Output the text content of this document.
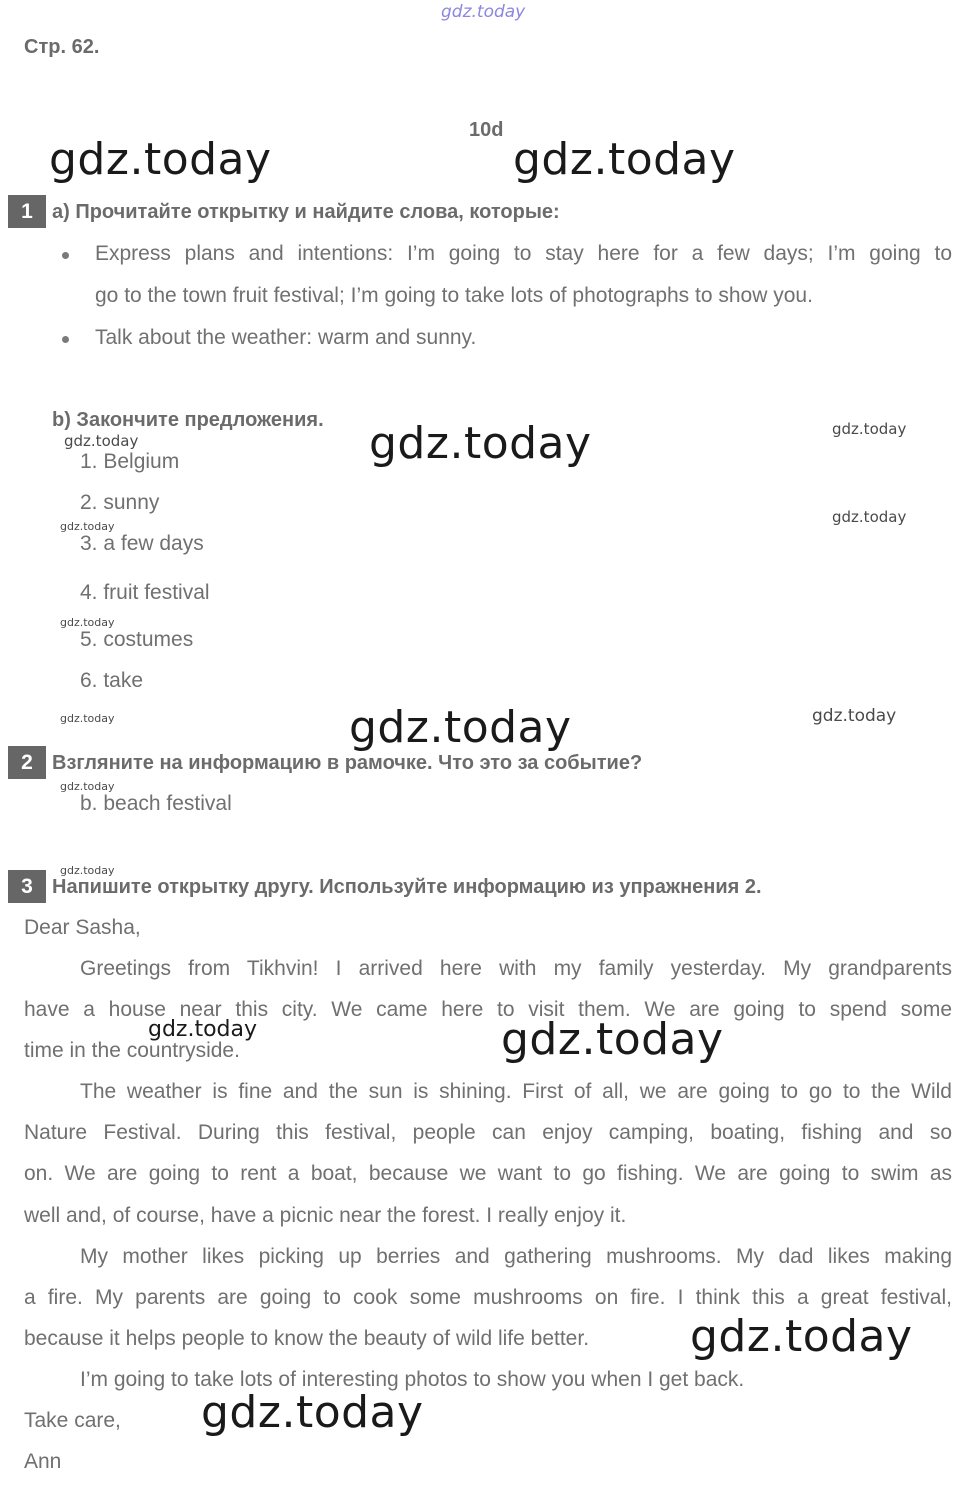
gdz.today
Стр. 62.
10d
gdz.today	gdz.today
1 a) Прочитайте открытку и найдите слова, которые:
Express plans and intentions: I’m going to stay here for a few days; I’m going to
go to the town fruit festival; I’m going to take lots of photographs to show you.
Talk about the weather: warm and sunny.
b) Закончите предложения. gdz.today	gdz.today
gdz.today
1. Belgium
2. sunny
gdz.today
gdz.today
3. a few days
4. fruit festival
gdz.today
5. costumes
6. take
gdz.today	gdz.today	gdz.today
2 Взгляните на информацию в рамочке. Что это за событие?
gdz.today
b. beach festival
gdz.today
3 Напишите открытку другу. Используйте информацию из упражнения 2.
Dear Sasha,
Greetings from Tikhvin! I arrived here with my family yesterday. My grandparents
have a house near this city. We came here to visit them. We are going to spend some
time in the countryside.
gdz.today	gdz.today
The weather is fine and the sun is shining. First of all, we are going to go to the Wild
Nature Festival. During this festival, people can enjoy camping, boating, fishing and so
on. We are going to rent a boat, because we want to go fishing. We are going to swim as
well and, of course, have a picnic near the forest. I really enjoy it.
My mother likes picking up berries and gathering mushrooms. My dad likes making
a fire. My parents are going to cook some mushrooms on fire. I think this a great festival,
because it helps people to know the beauty of wild life better. gdz.today
I’m going to take lots of interesting photos to show you when I get back.
Take care, gdz.today
Ann
